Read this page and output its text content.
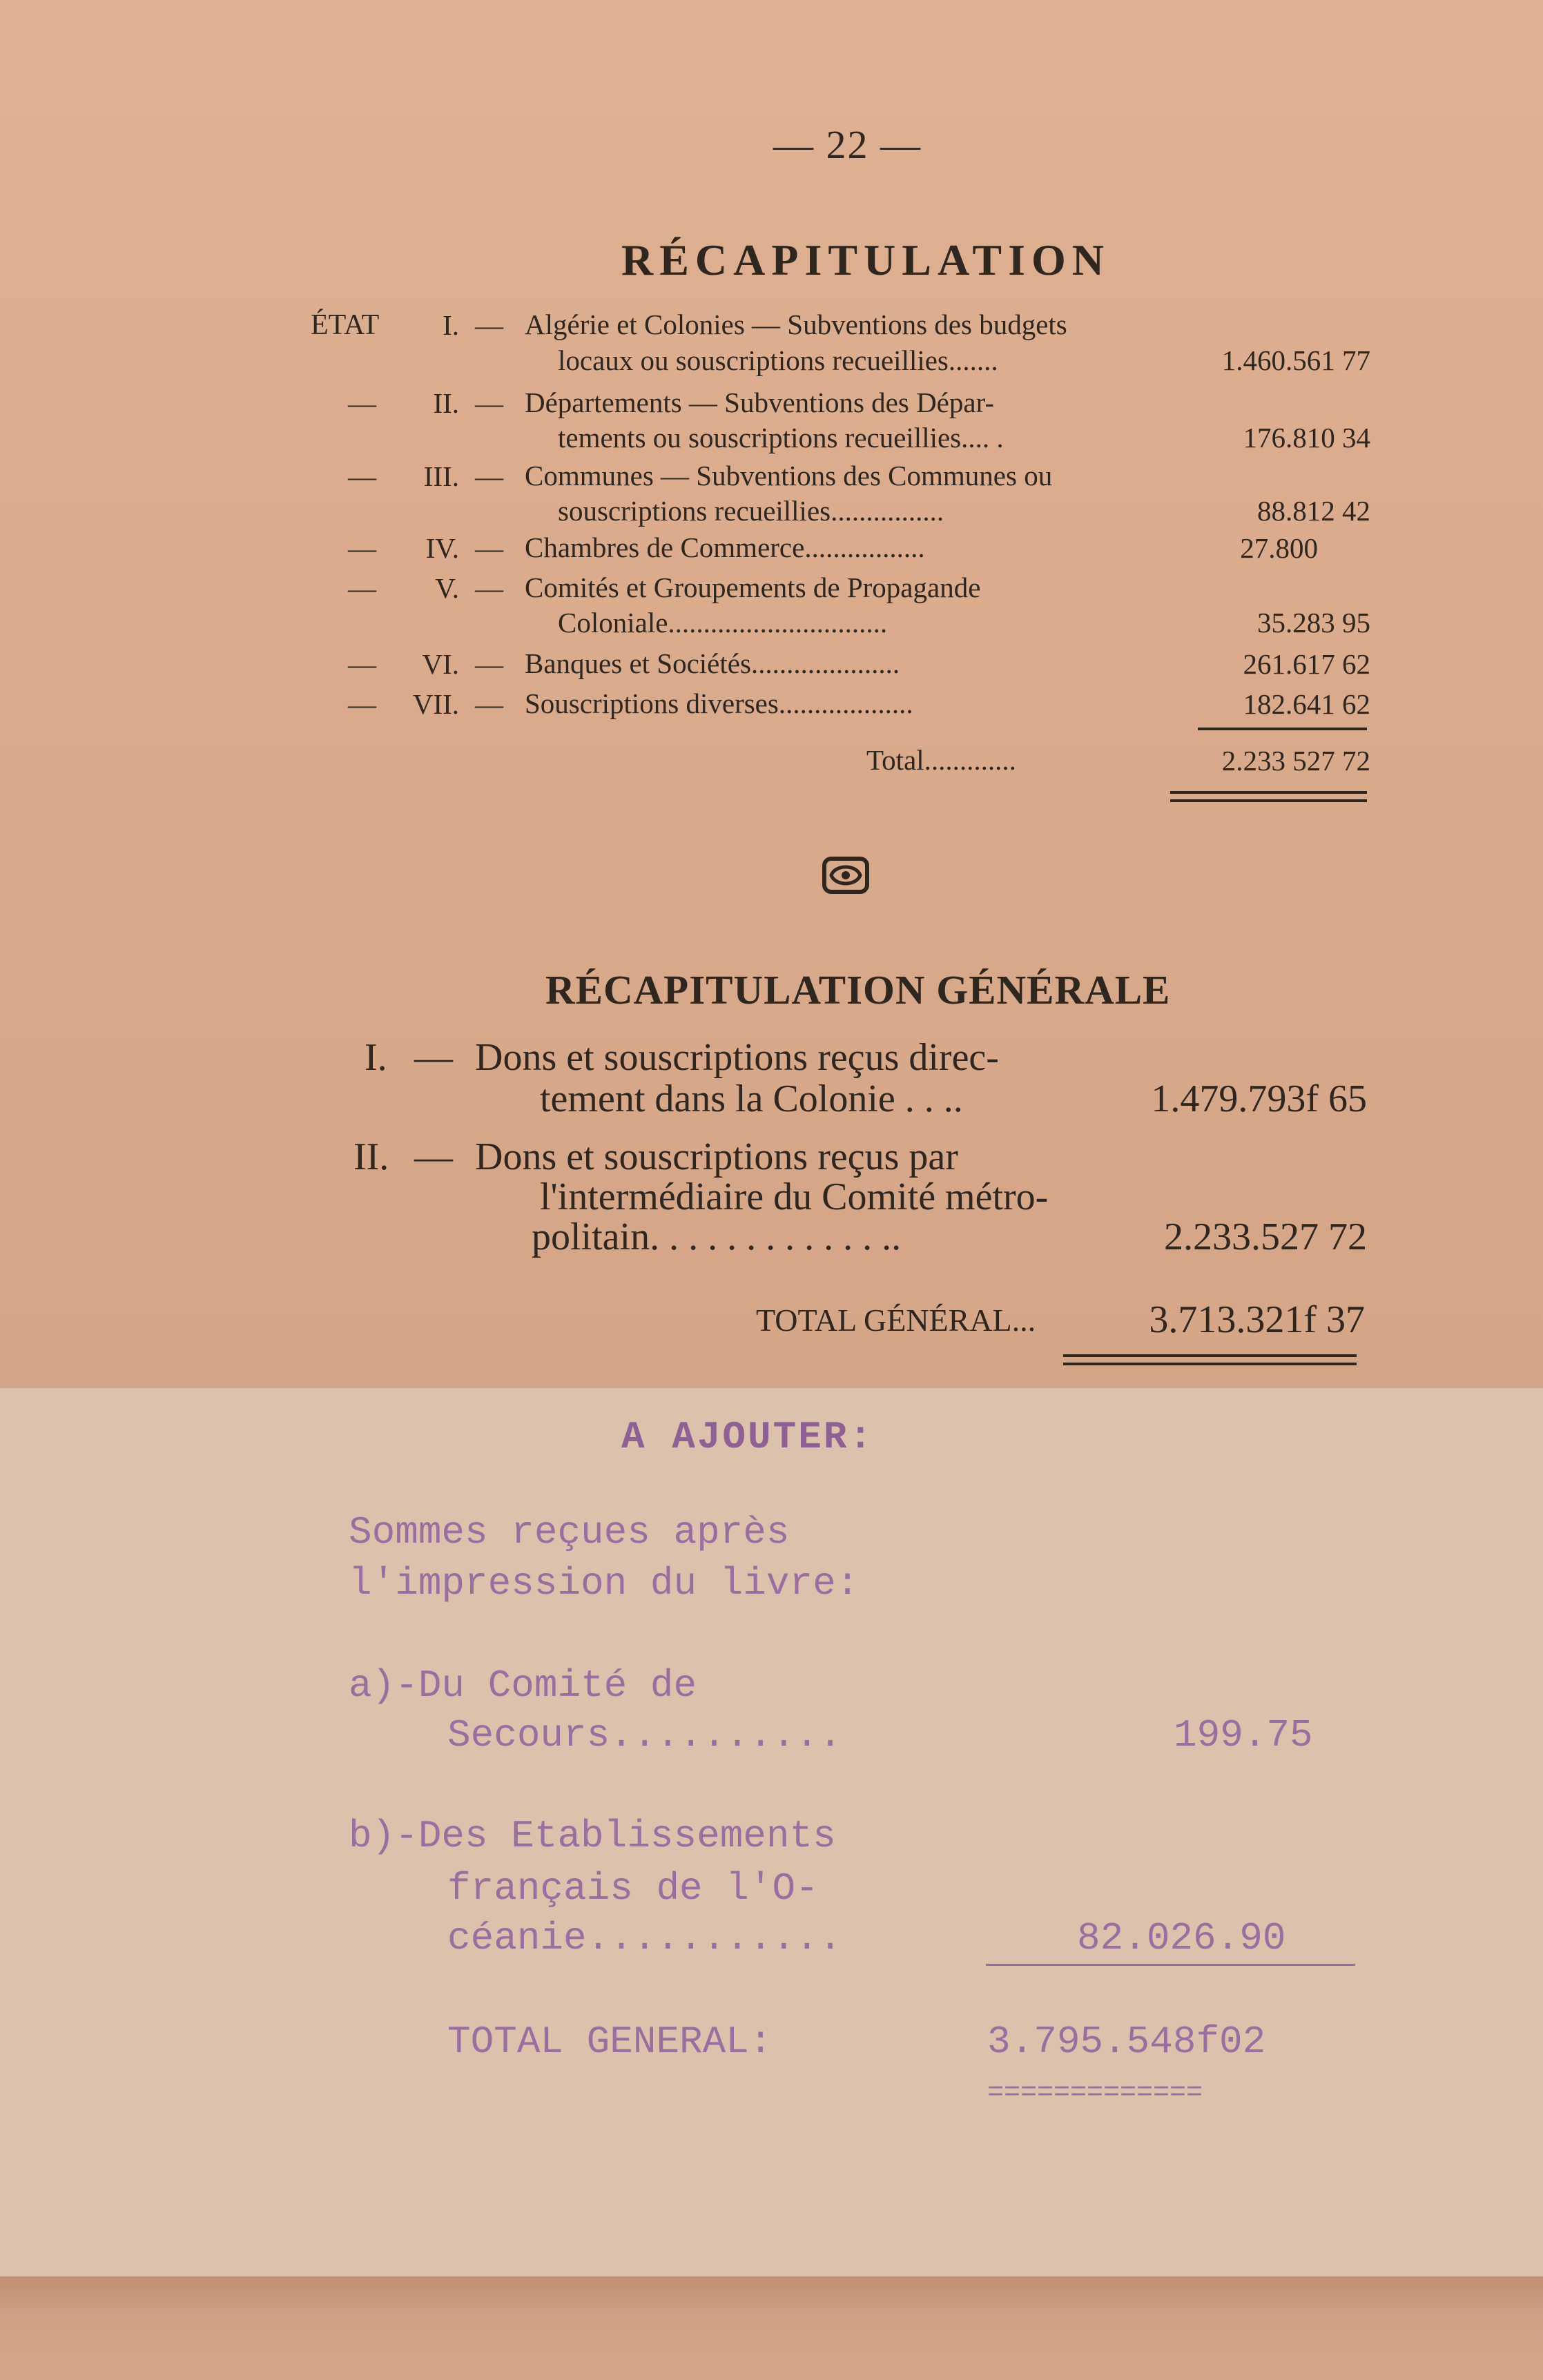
— 22 —
RÉCAPITULATION
ÉTAT	I. — Algérie et Colonies — Subventions des budgets
locaux ou souscriptions recueillies.......	1.460.561 77
—	II. — Départements — Subventions des Dépar-
tements ou souscriptions recueillies.... .	176.810 34
—	III. — Communes — Subventions des Communes ou
souscriptions recueillies................	88.812 42
—	IV. — Chambres de Commerce.................	27.800
—	V. — Comités et Groupements de Propagande
Coloniale...............................	35.283 95
—	VI. — Banques et Sociétés.....................	261.617 62
—	VII. — Souscriptions diverses...................	182.641 62
Total.............	2.233 527 72
RÉCAPITULATION GÉNÉRALE
I. — Dons et souscriptions reçus direc-
tement dans la Colonie . . ..	1.479.793f 65
II. — Dons et souscriptions reçus par
l'intermédiaire du Comité métro-
politain. . . . . . . . . . . . ..	2.233.527 72
TOTAL GÉNÉRAL...	3.713.321f 37
A AJOUTER:
Sommes reçues après
l'impression du livre:
a)-Du Comité de
Secours..........	199.75
b)-Des Etablissements
français de l'O-
céanie...........	82.026.90
TOTAL GENERAL:	3.795.548f02
=============
